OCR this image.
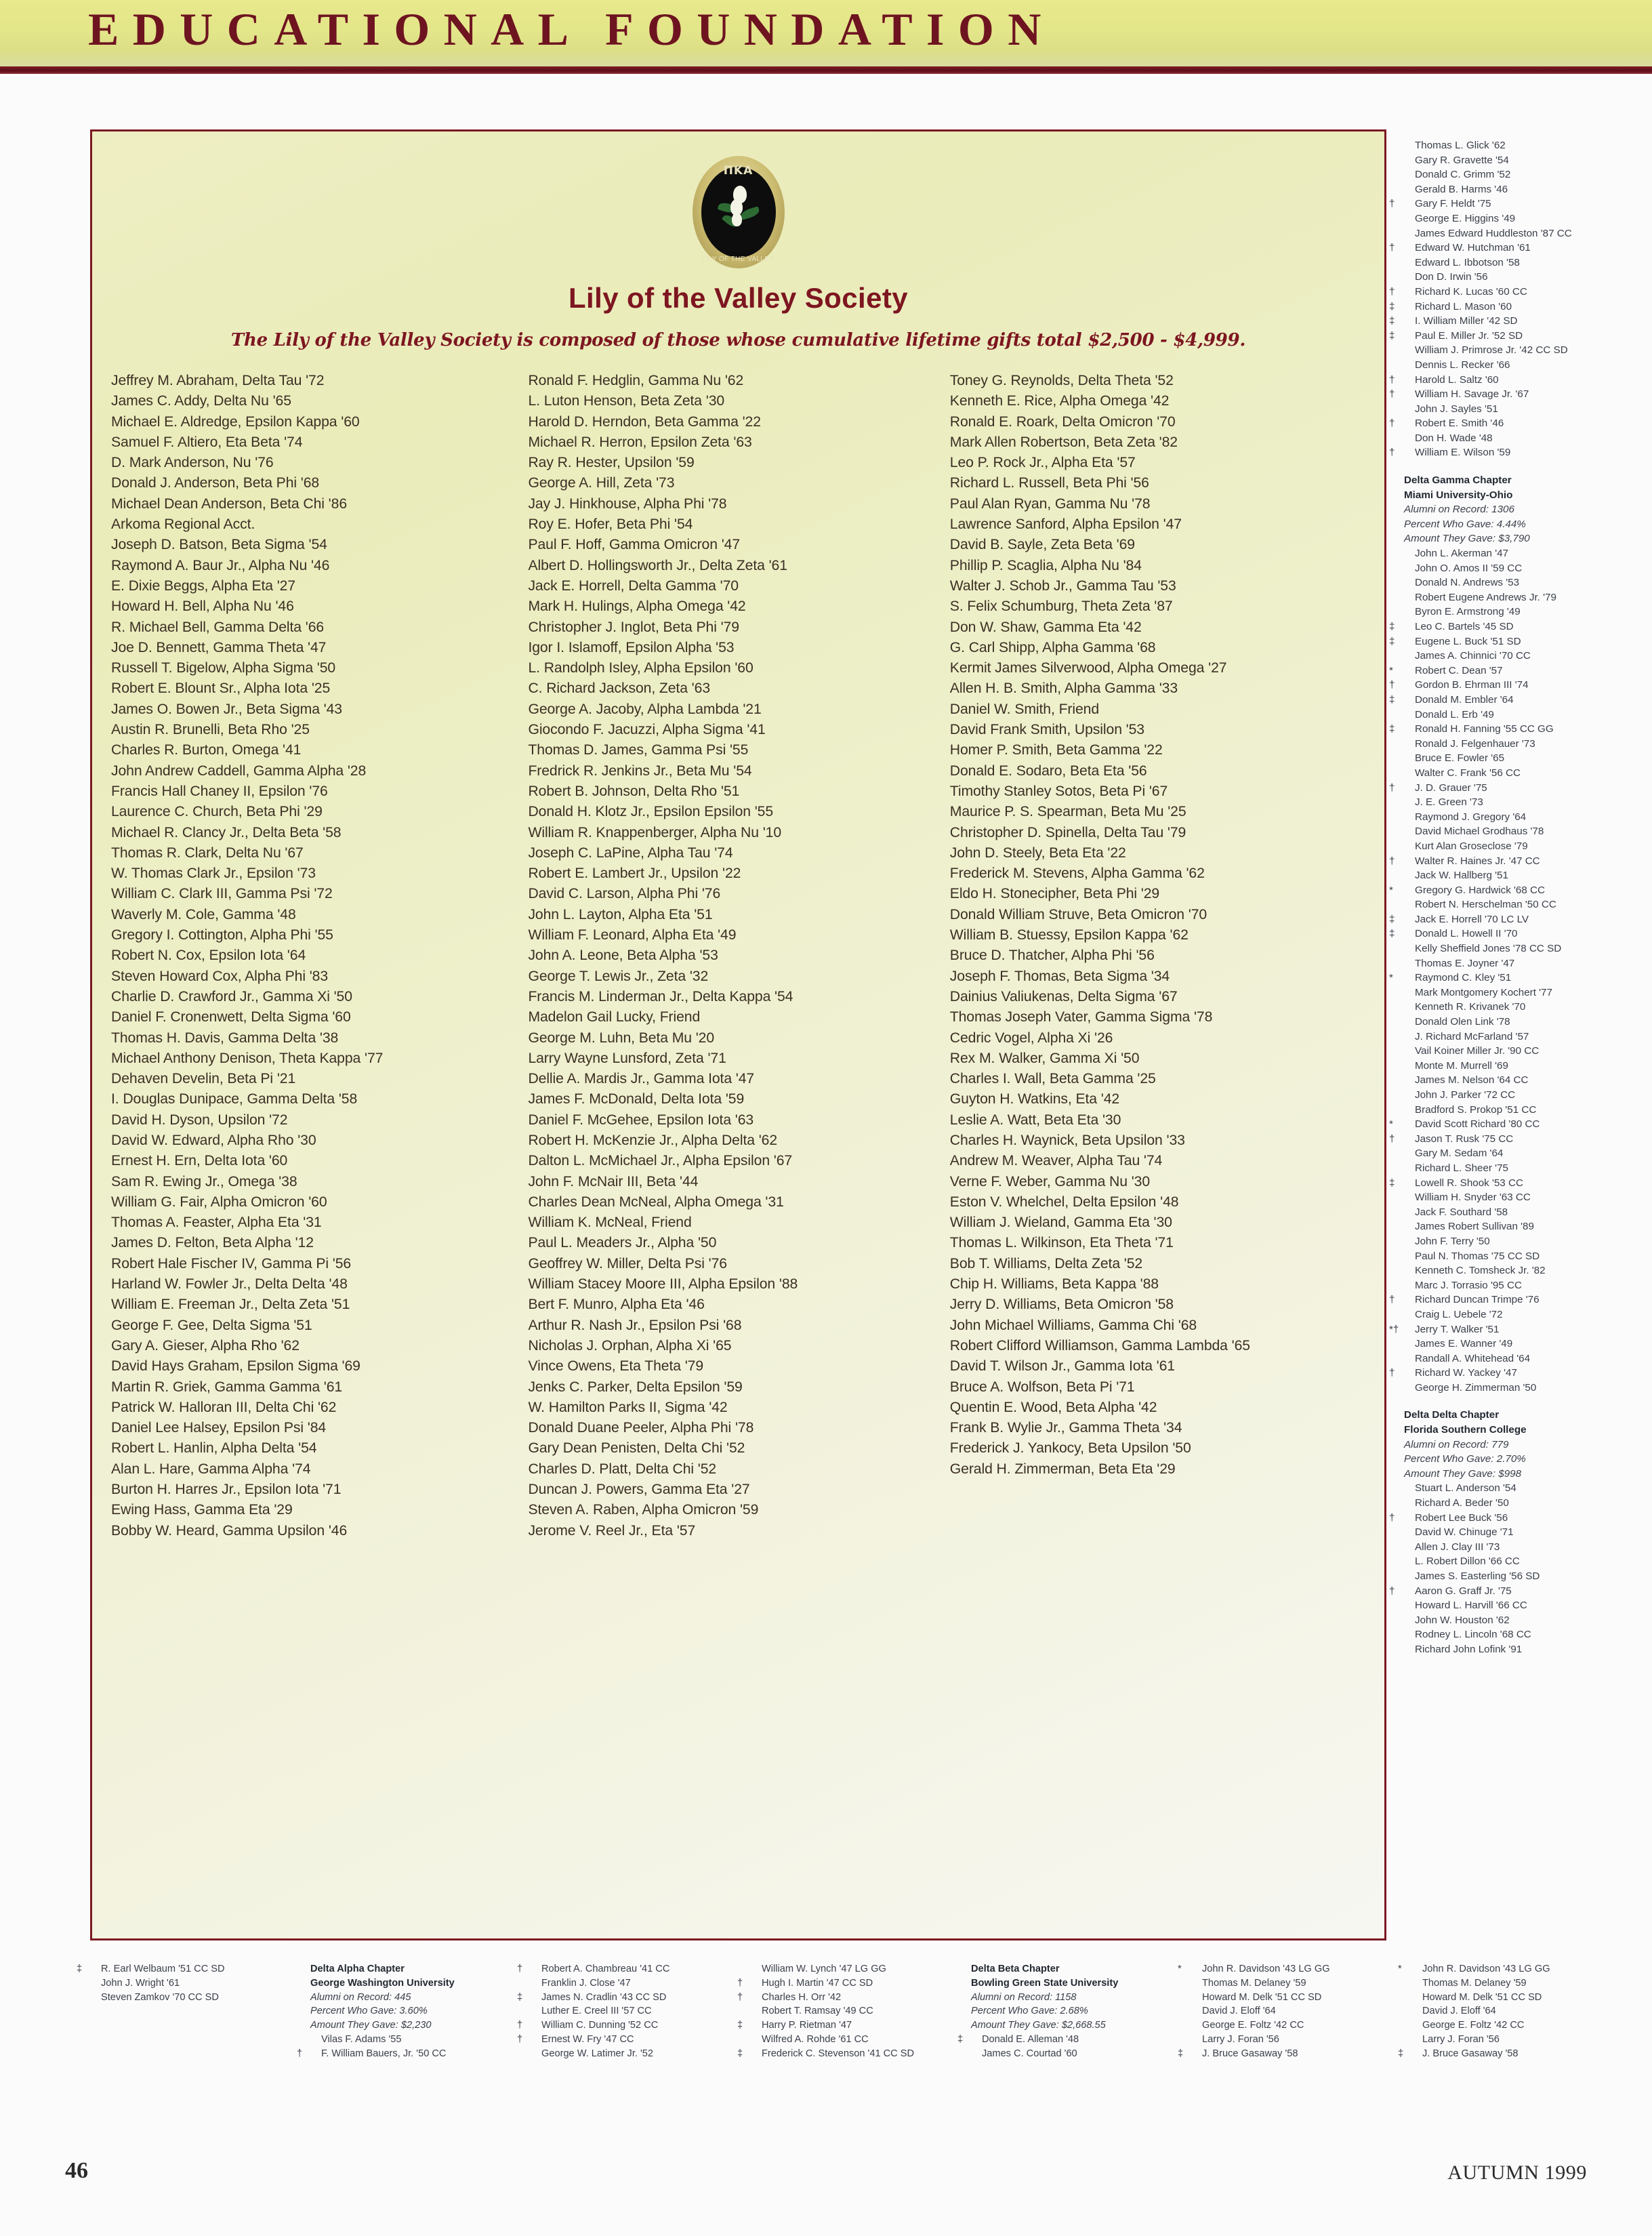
EDUCATIONAL FOUNDATION
ΠΚΑ
LILY OF THE VALLEY
Lily of the Valley Society
The Lily of the Valley Society is composed of those whose cumulative lifetime gifts total $2,500 - $4,999.
Jeffrey M. Abraham, Delta Tau '72
James C. Addy, Delta Nu '65
Michael E. Aldredge, Epsilon Kappa '60
Samuel F. Altiero, Eta Beta '74
D. Mark Anderson, Nu '76
Donald J. Anderson, Beta Phi '68
Michael Dean Anderson, Beta Chi '86
Arkoma Regional Acct.
Joseph D. Batson, Beta Sigma '54
Raymond A. Baur Jr., Alpha Nu '46
E. Dixie Beggs, Alpha Eta '27
Howard H. Bell, Alpha Nu '46
R. Michael Bell, Gamma Delta '66
Joe D. Bennett, Gamma Theta '47
Russell T. Bigelow, Alpha Sigma '50
Robert E. Blount Sr., Alpha Iota '25
James O. Bowen Jr., Beta Sigma '43
Austin R. Brunelli, Beta Rho '25
Charles R. Burton, Omega '41
John Andrew Caddell, Gamma Alpha '28
Francis Hall Chaney II, Epsilon '76
Laurence C. Church, Beta Phi '29
Michael R. Clancy Jr., Delta Beta '58
Thomas R. Clark, Delta Nu '67
W. Thomas Clark Jr., Epsilon '73
William C. Clark III, Gamma Psi '72
Waverly M. Cole, Gamma '48
Gregory I. Cottington, Alpha Phi '55
Robert N. Cox, Epsilon Iota '64
Steven Howard Cox, Alpha Phi '83
Charlie D. Crawford Jr., Gamma Xi '50
Daniel F. Cronenwett, Delta Sigma '60
Thomas H. Davis, Gamma Delta '38
Michael Anthony Denison, Theta Kappa '77
Dehaven Develin, Beta Pi '21
I. Douglas Dunipace, Gamma Delta '58
David H. Dyson, Upsilon '72
David W. Edward, Alpha Rho '30
Ernest H. Ern, Delta Iota '60
Sam R. Ewing Jr., Omega '38
William G. Fair, Alpha Omicron '60
Thomas A. Feaster, Alpha Eta '31
James D. Felton, Beta Alpha '12
Robert Hale Fischer IV, Gamma Pi '56
Harland W. Fowler Jr., Delta Delta '48
William E. Freeman Jr., Delta Zeta '51
George F. Gee, Delta Sigma '51
Gary A. Gieser, Alpha Rho '62
David Hays Graham, Epsilon Sigma '69
Martin R. Griek, Gamma Gamma '61
Patrick W. Halloran III, Delta Chi '62
Daniel Lee Halsey, Epsilon Psi '84
Robert L. Hanlin, Alpha Delta '54
Alan L. Hare, Gamma Alpha '74
Burton H. Harres Jr., Epsilon Iota '71
Ewing Hass, Gamma Eta '29
Bobby W. Heard, Gamma Upsilon '46
Ronald F. Hedglin, Gamma Nu '62
L. Luton Henson, Beta Zeta '30
Harold D. Herndon, Beta Gamma '22
Michael R. Herron, Epsilon Zeta '63
Ray R. Hester, Upsilon '59
George A. Hill, Zeta '73
Jay J. Hinkhouse, Alpha Phi '78
Roy E. Hofer, Beta Phi '54
Paul F. Hoff, Gamma Omicron '47
Albert D. Hollingsworth Jr., Delta Zeta '61
Jack E. Horrell, Delta Gamma '70
Mark H. Hulings, Alpha Omega '42
Christopher J. Inglot, Beta Phi '79
Igor I. Islamoff, Epsilon Alpha '53
L. Randolph Isley, Alpha Epsilon '60
C. Richard Jackson, Zeta '63
George A. Jacoby, Alpha Lambda '21
Giocondo F. Jacuzzi, Alpha Sigma '41
Thomas D. James, Gamma Psi '55
Fredrick R. Jenkins Jr., Beta Mu '54
Robert B. Johnson, Delta Rho '51
Donald H. Klotz Jr., Epsilon Epsilon '55
William R. Knappenberger, Alpha Nu '10
Joseph C. LaPine, Alpha Tau '74
Robert E. Lambert Jr., Upsilon '22
David C. Larson, Alpha Phi '76
John L. Layton, Alpha Eta '51
William F. Leonard, Alpha Eta '49
John A. Leone, Beta Alpha '53
George T. Lewis Jr., Zeta '32
Francis M. Linderman Jr., Delta Kappa '54
Madelon Gail Lucky, Friend
George M. Luhn, Beta Mu '20
Larry Wayne Lunsford, Zeta '71
Dellie A. Mardis Jr., Gamma Iota '47
James F. McDonald, Delta Iota '59
Daniel F. McGehee, Epsilon Iota '63
Robert H. McKenzie Jr., Alpha Delta '62
Dalton L. McMichael Jr., Alpha Epsilon '67
John F. McNair III, Beta '44
Charles Dean McNeal, Alpha Omega '31
William K. McNeal, Friend
Paul L. Meaders Jr., Alpha '50
Geoffrey W. Miller, Delta Psi '76
William Stacey Moore III, Alpha Epsilon '88
Bert F. Munro, Alpha Eta '46
Arthur R. Nash Jr., Epsilon Psi '68
Nicholas J. Orphan, Alpha Xi '65
Vince Owens, Eta Theta '79
Jenks C. Parker, Delta Epsilon '59
W. Hamilton Parks II, Sigma '42
Donald Duane Peeler, Alpha Phi '78
Gary Dean Penisten, Delta Chi '52
Charles D. Platt, Delta Chi '52
Duncan J. Powers, Gamma Eta '27
Steven A. Raben, Alpha Omicron '59
Jerome V. Reel Jr., Eta '57
Toney G. Reynolds, Delta Theta '52
Kenneth E. Rice, Alpha Omega '42
Ronald E. Roark, Delta Omicron '70
Mark Allen Robertson, Beta Zeta '82
Leo P. Rock Jr., Alpha Eta '57
Richard L. Russell, Beta Phi '56
Paul Alan Ryan, Gamma Nu '78
Lawrence Sanford, Alpha Epsilon '47
David B. Sayle, Zeta Beta '69
Phillip P. Scaglia, Alpha Nu '84
Walter J. Schob Jr., Gamma Tau '53
S. Felix Schumburg, Theta Zeta '87
Don W. Shaw, Gamma Eta '42
G. Carl Shipp, Alpha Gamma '68
Kermit James Silverwood, Alpha Omega '27
Allen H. B. Smith, Alpha Gamma '33
Daniel W. Smith, Friend
David Frank Smith, Upsilon '53
Homer P. Smith, Beta Gamma '22
Donald E. Sodaro, Beta Eta '56
Timothy Stanley Sotos, Beta Pi '67
Maurice P. S. Spearman, Beta Mu '25
Christopher D. Spinella, Delta Tau '79
John D. Steely, Beta Eta '22
Frederick M. Stevens, Alpha Gamma '62
Eldo H. Stonecipher, Beta Phi '29
Donald William Struve, Beta Omicron '70
William B. Stuessy, Epsilon Kappa '62
Bruce D. Thatcher, Alpha Phi '56
Joseph F. Thomas, Beta Sigma '34
Dainius Valiukenas, Delta Sigma '67
Thomas Joseph Vater, Gamma Sigma '78
Cedric Vogel, Alpha Xi '26
Rex M. Walker, Gamma Xi '50
Charles I. Wall, Beta Gamma '25
Guyton H. Watkins, Eta '42
Leslie A. Watt, Beta Eta '30
Charles H. Waynick, Beta Upsilon '33
Andrew M. Weaver, Alpha Tau '74
Verne F. Weber, Gamma Nu '30
Eston V. Whelchel, Delta Epsilon '48
William J. Wieland, Gamma Eta '30
Thomas L. Wilkinson, Eta Theta '71
Bob T. Williams, Delta Zeta '52
Chip H. Williams, Beta Kappa '88
Jerry D. Williams, Beta Omicron '58
John Michael Williams, Gamma Chi '68
Robert Clifford Williamson, Gamma Lambda '65
David T. Wilson Jr., Gamma Iota '61
Bruce A. Wolfson, Beta Pi '71
Quentin E. Wood, Beta Alpha '42
Frank B. Wylie Jr., Gamma Theta '34
Frederick J. Yankocy, Beta Upsilon '50
Gerald H. Zimmerman, Beta Eta '29
Thomas L. Glick '62
Gary R. Gravette '54
Donald C. Grimm '52
Gerald B. Harms '46
† Gary F. Heldt '75
George E. Higgins '49
James Edward Huddleston '87 CC
† Edward W. Hutchman '61
Edward L. Ibbotson '58
Don D. Irwin '56
† Richard K. Lucas '60 CC
‡ Richard L. Mason '60
‡ I. William Miller '42 SD
‡ Paul E. Miller Jr. '52 SD
William J. Primrose Jr. '42 CC SD
Dennis L. Recker '66
† Harold L. Saltz '60
† William H. Savage Jr. '67
John J. Sayles '51
† Robert E. Smith '46
Don H. Wade '48
† William E. Wilson '59
Delta Gamma Chapter
Miami University-Ohio
Alumni on Record: 1306
Percent Who Gave: 4.44%
Amount They Gave: $3,790
John L. Akerman '47
John O. Amos II '59 CC
Donald N. Andrews '53
Robert Eugene Andrews Jr. '79
Byron E. Armstrong '49
‡ Leo C. Bartels '45 SD
‡ Eugene L. Buck '51 SD
James A. Chinnici '70 CC
* Robert C. Dean '57
† Gordon B. Ehrman III '74
‡ Donald M. Embler '64
Donald L. Erb '49
‡ Ronald H. Fanning '55 CC GG
Ronald J. Felgenhauer '73
Bruce E. Fowler '65
Walter C. Frank '56 CC
† J. D. Grauer '75
J. E. Green '73
Raymond J. Gregory '64
David Michael Grodhaus '78
Kurt Alan Groseclose '79
† Walter R. Haines Jr. '47 CC
Jack W. Hallberg '51
* Gregory G. Hardwick '68 CC
Robert N. Herschelman '50 CC
‡ Jack E. Horrell '70 LC LV
‡ Donald L. Howell II '70
Kelly Sheffield Jones '78 CC SD
Thomas E. Joyner '47
* Raymond C. Kley '51
Mark Montgomery Kochert '77
Kenneth R. Krivanek '70
Donald Olen Link '78
J. Richard McFarland '57
Vail Koiner Miller Jr. '90 CC
Monte M. Murrell '69
James M. Nelson '64 CC
John J. Parker '72 CC
Bradford S. Prokop '51 CC
* David Scott Richard '80 CC
† Jason T. Rusk '75 CC
Gary M. Sedam '64
Richard L. Sheer '75
‡ Lowell R. Shook '53 CC
William H. Snyder '63 CC
Jack F. Southard '58
James Robert Sullivan '89
John F. Terry '50
Paul N. Thomas '75 CC SD
Kenneth C. Tomsheck Jr. '82
Marc J. Torrasio '95 CC
† Richard Duncan Trimpe '76
Craig L. Uebele '72
*† Jerry T. Walker '51
James E. Wanner '49
Randall A. Whitehead '64
† Richard W. Yackey '47
George H. Zimmerman '50
Delta Delta Chapter
Florida Southern College
Alumni on Record: 779
Percent Who Gave: 2.70%
Amount They Gave: $998
Stuart L. Anderson '54
Richard A. Beder '50
† Robert Lee Buck '56
David W. Chinuge '71
Allen J. Clay III '73
L. Robert Dillon '66 CC
James S. Easterling '56 SD
† Aaron G. Graff Jr. '75
Howard L. Harvill '66 CC
John W. Houston '62
Rodney L. Lincoln '68 CC
Richard John Lofink '91
‡ R. Earl Welbaum '51 CC SD
John J. Wright '61
Steven Zamkov '70 CC SD
Delta Alpha Chapter
George Washington University
Alumni on Record: 445
Percent Who Gave: 3.60%
Amount They Gave: $2,230
Vilas F. Adams '55
† F. William Bauers, Jr. '50 CC
† Robert A. Chambreau '41 CC
Franklin J. Close '47
‡ James N. Cradlin '43 CC SD
Luther E. Creel III '57 CC
† William C. Dunning '52 CC
† Ernest W. Fry '47 CC
George W. Latimer Jr. '52
William W. Lynch '47 LG GG
† Hugh I. Martin '47 CC SD
† Charles H. Orr '42
Robert T. Ramsay '49 CC
‡ Harry P. Rietman '47
Wilfred A. Rohde '61 CC
‡ Frederick C. Stevenson '41 CC SD
Delta Beta Chapter
Bowling Green State University
Alumni on Record: 1158
Percent Who Gave: 2.68%
Amount They Gave: $2,668.55
‡ Donald E. Alleman '48
James C. Courtad '60
* John R. Davidson '43 LG GG
Thomas M. Delaney '59
Howard M. Delk '51 CC SD
David J. Eloff '64
George E. Foltz '42 CC
Larry J. Foran '56
‡ J. Bruce Gasaway '58
* John R. Davidson '43 LG GG
Thomas M. Delaney '59
Howard M. Delk '51 CC SD
David J. Eloff '64
George E. Foltz '42 CC
Larry J. Foran '56
‡ J. Bruce Gasaway '58
46	AUTUMN 1999
